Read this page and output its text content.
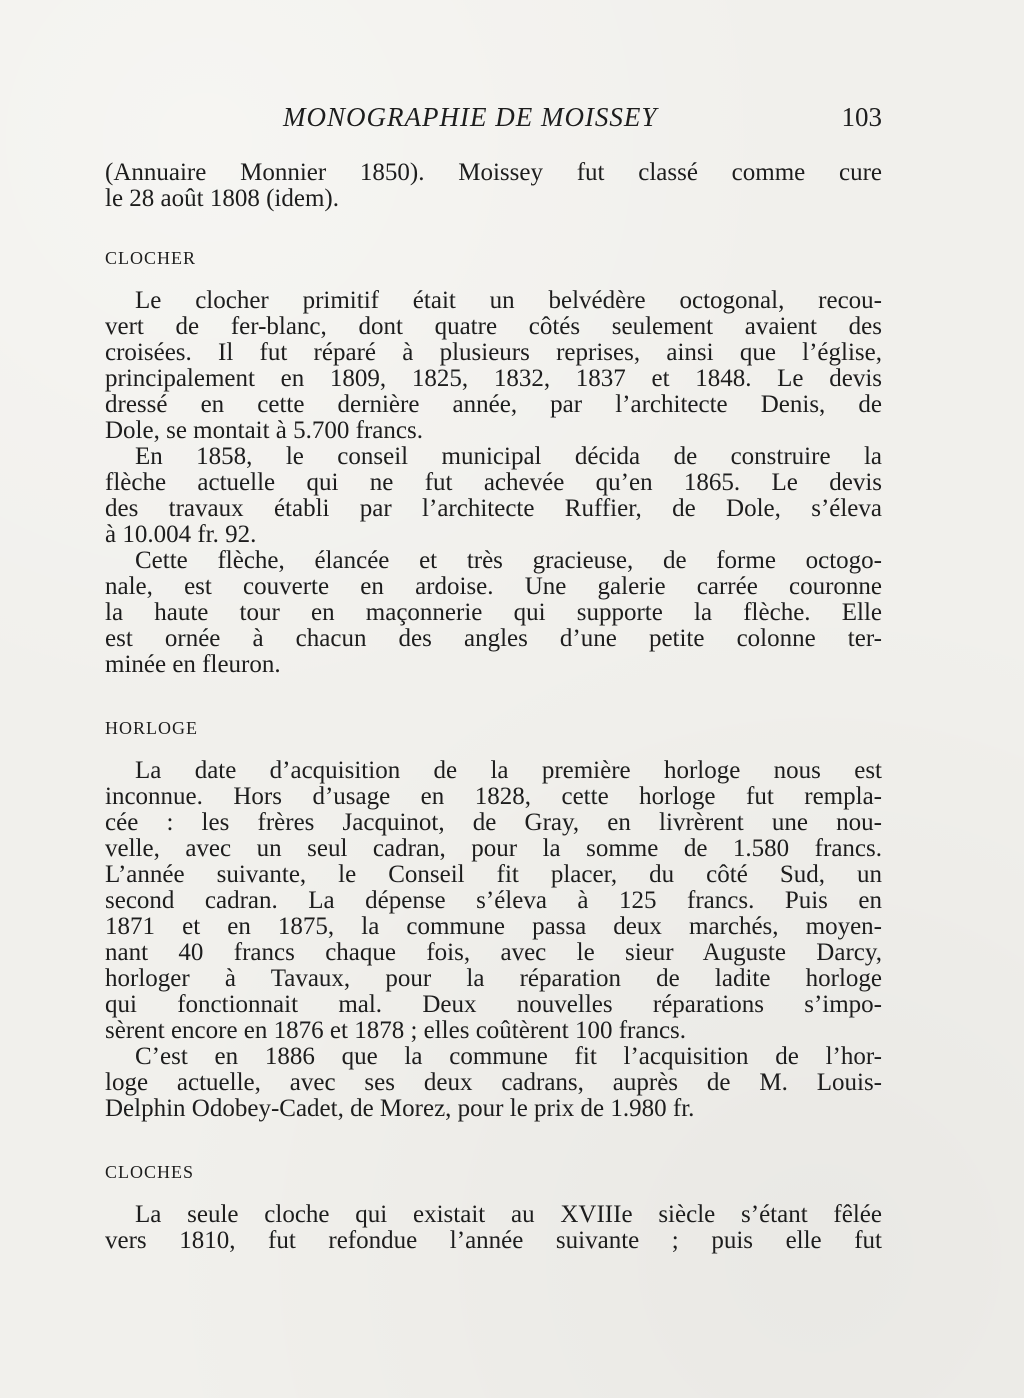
MONOGRAPHIE DE MOISSEY	103
(Annuaire Monnier 1850). Moissey fut classé comme cure
le 28 août 1808 (idem).
CLOCHER
Le clocher primitif était un belvédère octogonal, recou-
vert de fer-blanc, dont quatre côtés seulement avaient des
croisées. Il fut réparé à plusieurs reprises, ainsi que l’église,
principalement en 1809, 1825, 1832, 1837 et 1848. Le devis
dressé en cette dernière année, par l’architecte Denis, de
Dole, se montait à 5.700 francs.
En 1858, le conseil municipal décida de construire la
flèche actuelle qui ne fut achevée qu’en 1865. Le devis
des travaux établi par l’architecte Ruffier, de Dole, s’éleva
à 10.004 fr. 92.
Cette flèche, élancée et très gracieuse, de forme octogo-
nale, est couverte en ardoise. Une galerie carrée couronne
la haute tour en maçonnerie qui supporte la flèche. Elle
est ornée à chacun des angles d’une petite colonne ter-
minée en fleuron.
HORLOGE
La date d’acquisition de la première horloge nous est
inconnue. Hors d’usage en 1828, cette horloge fut rempla-
cée : les frères Jacquinot, de Gray, en livrèrent une nou-
velle, avec un seul cadran, pour la somme de 1.580 francs.
L’année suivante, le Conseil fit placer, du côté Sud, un
second cadran. La dépense s’éleva à 125 francs. Puis en
1871 et en 1875, la commune passa deux marchés, moyen-
nant 40 francs chaque fois, avec le sieur Auguste Darcy,
horloger à Tavaux, pour la réparation de ladite horloge
qui fonctionnait mal. Deux nouvelles réparations s’impo-
sèrent encore en 1876 et 1878 ; elles coûtèrent 100 francs.
C’est en 1886 que la commune fit l’acquisition de l’hor-
loge actuelle, avec ses deux cadrans, auprès de M. Louis-
Delphin Odobey-Cadet, de Morez, pour le prix de 1.980 fr.
CLOCHES
La seule cloche qui existait au XVIIIe siècle s’étant fêlée
vers 1810, fut refondue l’année suivante ; puis elle fut
